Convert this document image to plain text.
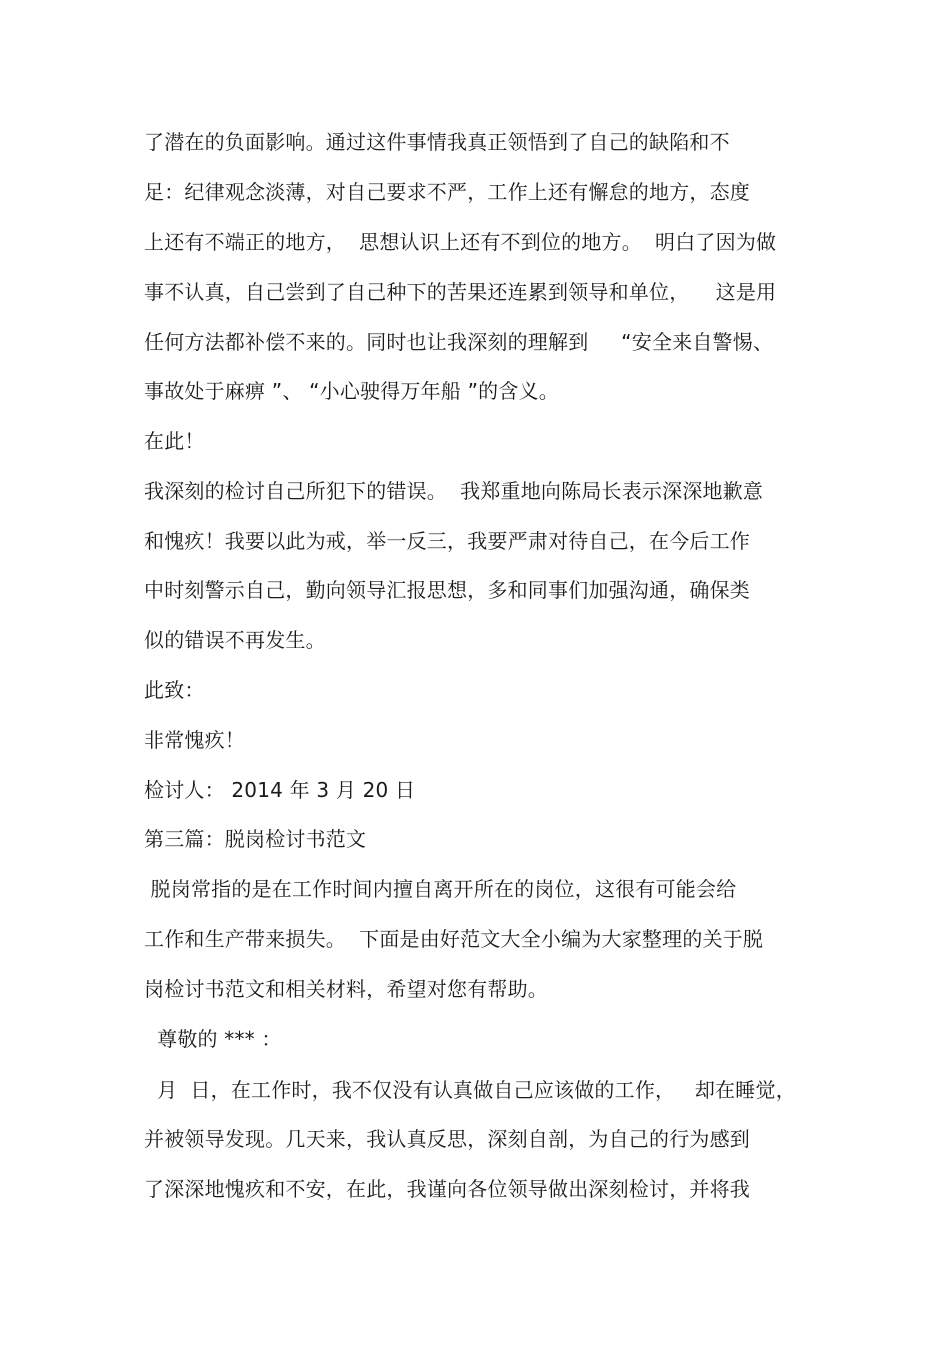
了潜在的负面影响。通过这件事情我真正领悟到了自己的缺陷和不
足：纪律观念淡薄，对自己要求不严，工作上还有懈怠的地方，态度
上还有不端正的地方，  思想认识上还有不到位的地方。  明白了因为做
事不认真，自己尝到了自己种下的苦果还连累到领导和单位，    这是用
任何方法都补偿不来的。同时也让我深刻的理解到     “安全来自警惕、
事故处于麻痹 ”、 “小心驶得万年船 ”的含义。
在此！
我深刻的检讨自己所犯下的错误。  我郑重地向陈局长表示深深地歉意
和愧疚！我要以此为戒，举一反三，我要严肃对待自己，在今后工作
中时刻警示自己，勤向领导汇报思想，多和同事们加强沟通，确保类
似的错误不再发生。
此致：
非常愧疚！
检讨人： 2014 年 3 月 20 日
第三篇：脱岗检讨书范文
脱岗常指的是在工作时间内擅自离开所在的岗位，这很有可能会给
工作和生产带来损失。  下面是由好范文大全小编为大家整理的关于脱
岗检讨书范文和相关材料，希望对您有帮助。
尊敬的 *** ：
月  日，在工作时，我不仅没有认真做自己应该做的工作，   却在睡觉，
并被领导发现。几天来，我认真反思，深刻自剖，为自己的行为感到
了深深地愧疚和不安，在此，我谨向各位领导做出深刻检讨，并将我
